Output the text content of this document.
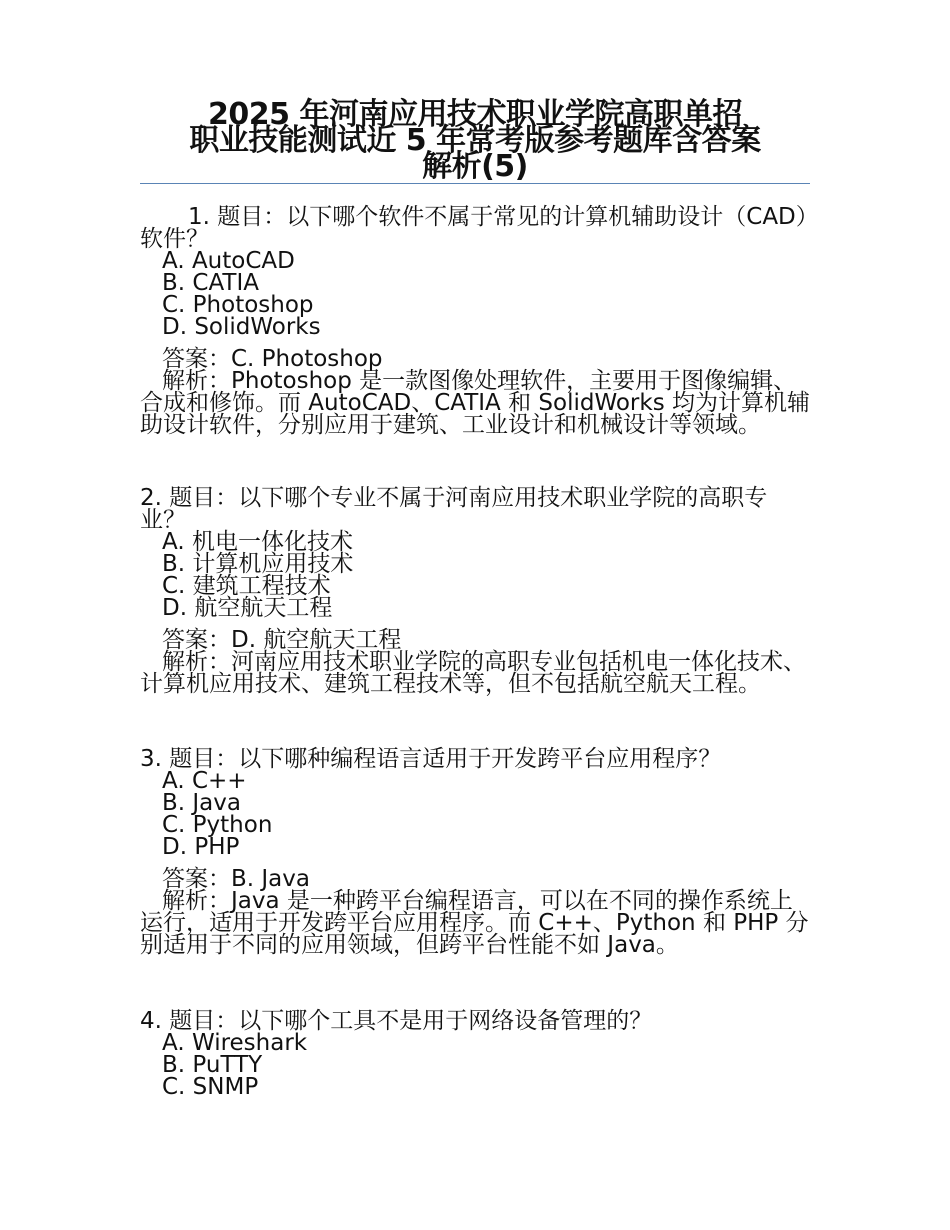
2025 年河南应用技术职业学院高职单招
职业技能测试近 5 年常考版参考题库含答案
解析(5)
1. 题目：以下哪个软件不属于常见的计算机辅助设计（CAD）软件？
A. AutoCAD
B. CATIA
C. Photoshop
D. SolidWorks
答案：C. Photoshop
解析：Photoshop 是一款图像处理软件，主要用于图像编辑、合成和修饰。而 AutoCAD、CATIA 和 SolidWorks 均为计算机辅助设计软件，分别应用于建筑、工业设计和机械设计等领域。
2. 题目：以下哪个专业不属于河南应用技术职业学院的高职专业？
A. 机电一体化技术
B. 计算机应用技术
C. 建筑工程技术
D. 航空航天工程
答案：D. 航空航天工程
解析：河南应用技术职业学院的高职专业包括机电一体化技术、计算机应用技术、建筑工程技术等，但不包括航空航天工程。
3. 题目：以下哪种编程语言适用于开发跨平台应用程序？
A. C++
B. Java
C. Python
D. PHP
答案：B. Java
解析：Java 是一种跨平台编程语言，可以在不同的操作系统上运行，适用于开发跨平台应用程序。而 C++、Python 和 PHP 分别适用于不同的应用领域，但跨平台性能不如 Java。
4. 题目：以下哪个工具不是用于网络设备管理的？
A. Wireshark
B. PuTTY
C. SNMP
